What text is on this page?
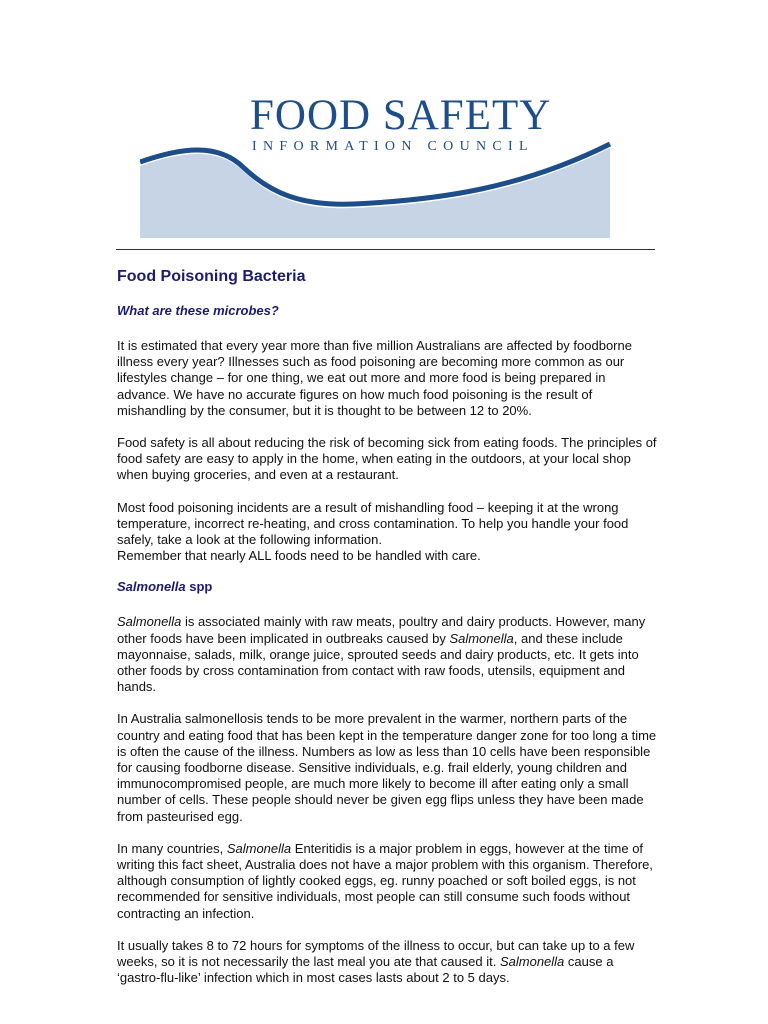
FOOD SAFETY
INFORMATION COUNCIL
Food Poisoning Bacteria
What are these microbes?

It is estimated that every year more than five million Australians are affected by foodborne illness every year? Illnesses such as food poisoning are becoming more common as our lifestyles change – for one thing, we eat out more and more food is being prepared in advance. We have no accurate figures on how much food poisoning is the result of mishandling by the consumer, but it is thought to be between 12 to 20%.

Food safety is all about reducing the risk of becoming sick from eating foods. The principles of food safety are easy to apply in the home, when eating in the outdoors, at your local shop when buying groceries, and even at a restaurant.

Most food poisoning incidents are a result of mishandling food – keeping it at the wrong temperature, incorrect re-heating, and cross contamination. To help you handle your food safely, take a look at the following information.
Remember that nearly ALL foods need to be handled with care.

Salmonella spp

Salmonella is associated mainly with raw meats, poultry and dairy products. However, many other foods have been implicated in outbreaks caused by Salmonella, and these include mayonnaise, salads, milk, orange juice, sprouted seeds and dairy products, etc. It gets into other foods by cross contamination from contact with raw foods, utensils, equipment and hands.

In Australia salmonellosis tends to be more prevalent in the warmer, northern parts of the country and eating food that has been kept in the temperature danger zone for too long a time is often the cause of the illness. Numbers as low as less than 10 cells have been responsible for causing foodborne disease. Sensitive individuals, e.g. frail elderly, young children and immunocompromised people, are much more likely to become ill after eating only a small number of cells. These people should never be given egg flips unless they have been made from pasteurised egg.

In many countries, Salmonella Enteritidis is a major problem in eggs, however at the time of writing this fact sheet, Australia does not have a major problem with this organism. Therefore, although consumption of lightly cooked eggs, eg. runny poached or soft boiled eggs, is not recommended for sensitive individuals, most people can still consume such foods without contracting an infection.

It usually takes 8 to 72 hours for symptoms of the illness to occur, but can take up to a few weeks, so it is not necessarily the last meal you ate that caused it. Salmonella cause a ‘gastro-flu-like’ infection which in most cases lasts about 2 to 5 days.
